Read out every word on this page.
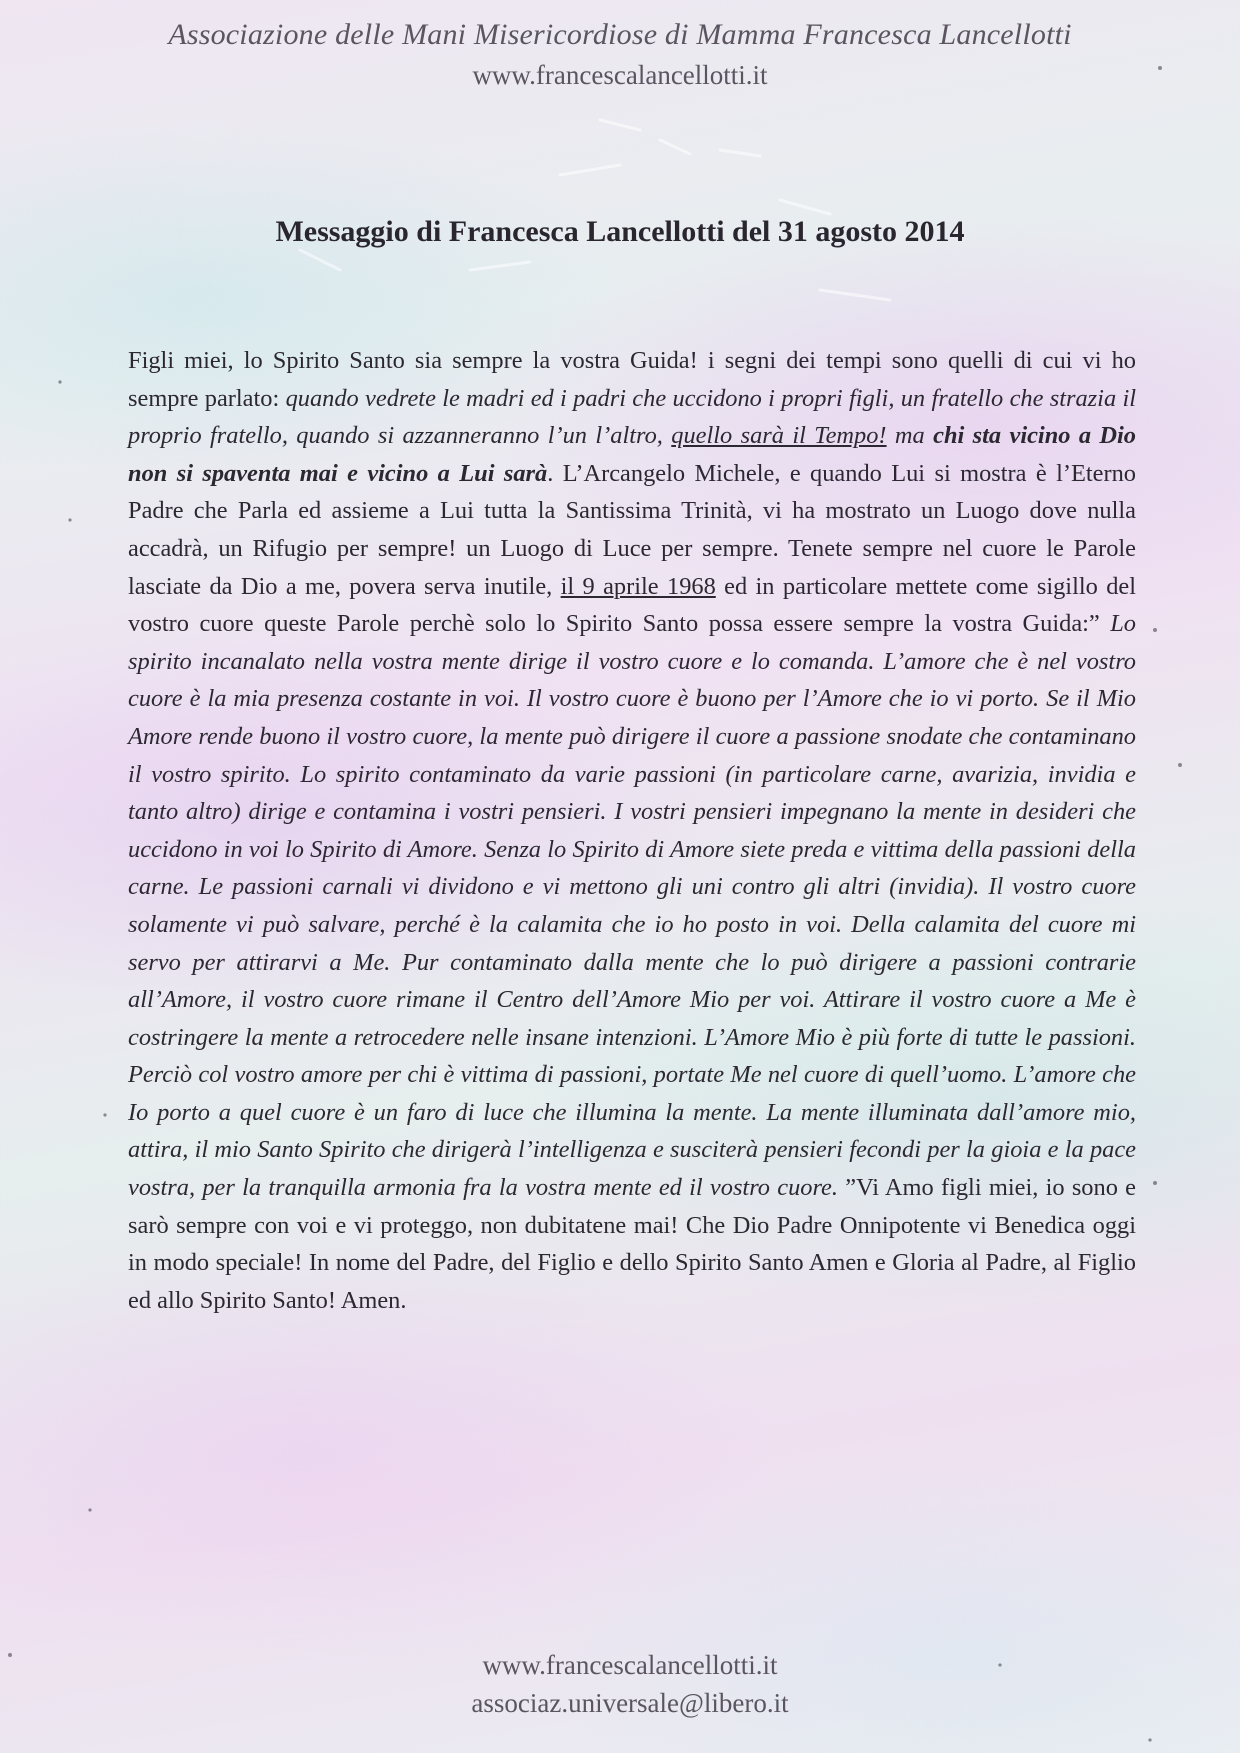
Associazione delle Mani Misericordiose di Mamma Francesca Lancellotti
www.francescalancellotti.it
Messaggio di Francesca Lancellotti del 31 agosto 2014
Figli miei, lo Spirito Santo sia sempre la vostra Guida! i segni dei tempi sono quelli di cui vi ho sempre parlato: quando vedrete le madri ed i padri che uccidono i propri figli, un fratello che strazia il proprio fratello, quando si azzanneranno l’un l’altro, quello sarà il Tempo! ma chi sta vicino a Dio non si spaventa mai e vicino a Lui sarà. L’Arcangelo Michele, e quando Lui si mostra è l’Eterno Padre che Parla ed assieme a Lui tutta la Santissima Trinità, vi ha mostrato un Luogo dove nulla accadrà, un Rifugio per sempre! un Luogo di Luce per sempre. Tenete sempre nel cuore le Parole lasciate da Dio a me, povera serva inutile, il 9 aprile 1968 ed in particolare mettete come sigillo del vostro cuore queste Parole perchè solo lo Spirito Santo possa essere sempre la vostra Guida:” Lo spirito incanalato nella vostra mente dirige il vostro cuore e lo comanda. L’amore che è nel vostro cuore è la mia presenza costante in voi. Il vostro cuore è buono per l’Amore che io vi porto. Se il Mio Amore rende buono il vostro cuore, la mente può dirigere il cuore a passione snodate che contaminano il vostro spirito. Lo spirito contaminato da varie passioni (in particolare carne, avarizia, invidia e tanto altro) dirige e contamina i vostri pensieri. I vostri pensieri impegnano la mente in desideri che uccidono in voi lo Spirito di Amore. Senza lo Spirito di Amore siete preda e vittima della passioni della carne. Le passioni carnali vi dividono e vi mettono gli uni contro gli altri (invidia). Il vostro cuore solamente vi può salvare, perché è la calamita che io ho posto in voi. Della calamita del cuore mi servo per attirarvi a Me. Pur contaminato dalla mente che lo può dirigere a passioni contrarie all’Amore, il vostro cuore rimane il Centro dell’Amore Mio per voi. Attirare il vostro cuore a Me è costringere la mente a retrocedere nelle insane intenzioni. L’Amore Mio è più forte di tutte le passioni. Perciò col vostro amore per chi è vittima di passioni, portate Me nel cuore di quell’uomo. L’amore che Io porto a quel cuore è un faro di luce che illumina la mente. La mente illuminata dall’amore mio, attira, il mio Santo Spirito che dirigerà l’intelligenza e susciterà pensieri fecondi per la gioia e la pace vostra, per la tranquilla armonia fra la vostra mente ed il vostro cuore. ”Vi Amo figli miei, io sono e sarò sempre con voi e vi proteggo, non dubitatene mai! Che Dio Padre Onnipotente vi Benedica oggi in modo speciale! In nome del Padre, del Figlio e dello Spirito Santo Amen e Gloria al Padre, al Figlio ed allo Spirito Santo! Amen.
www.francescalancellotti.it
associaz.universale@libero.it
